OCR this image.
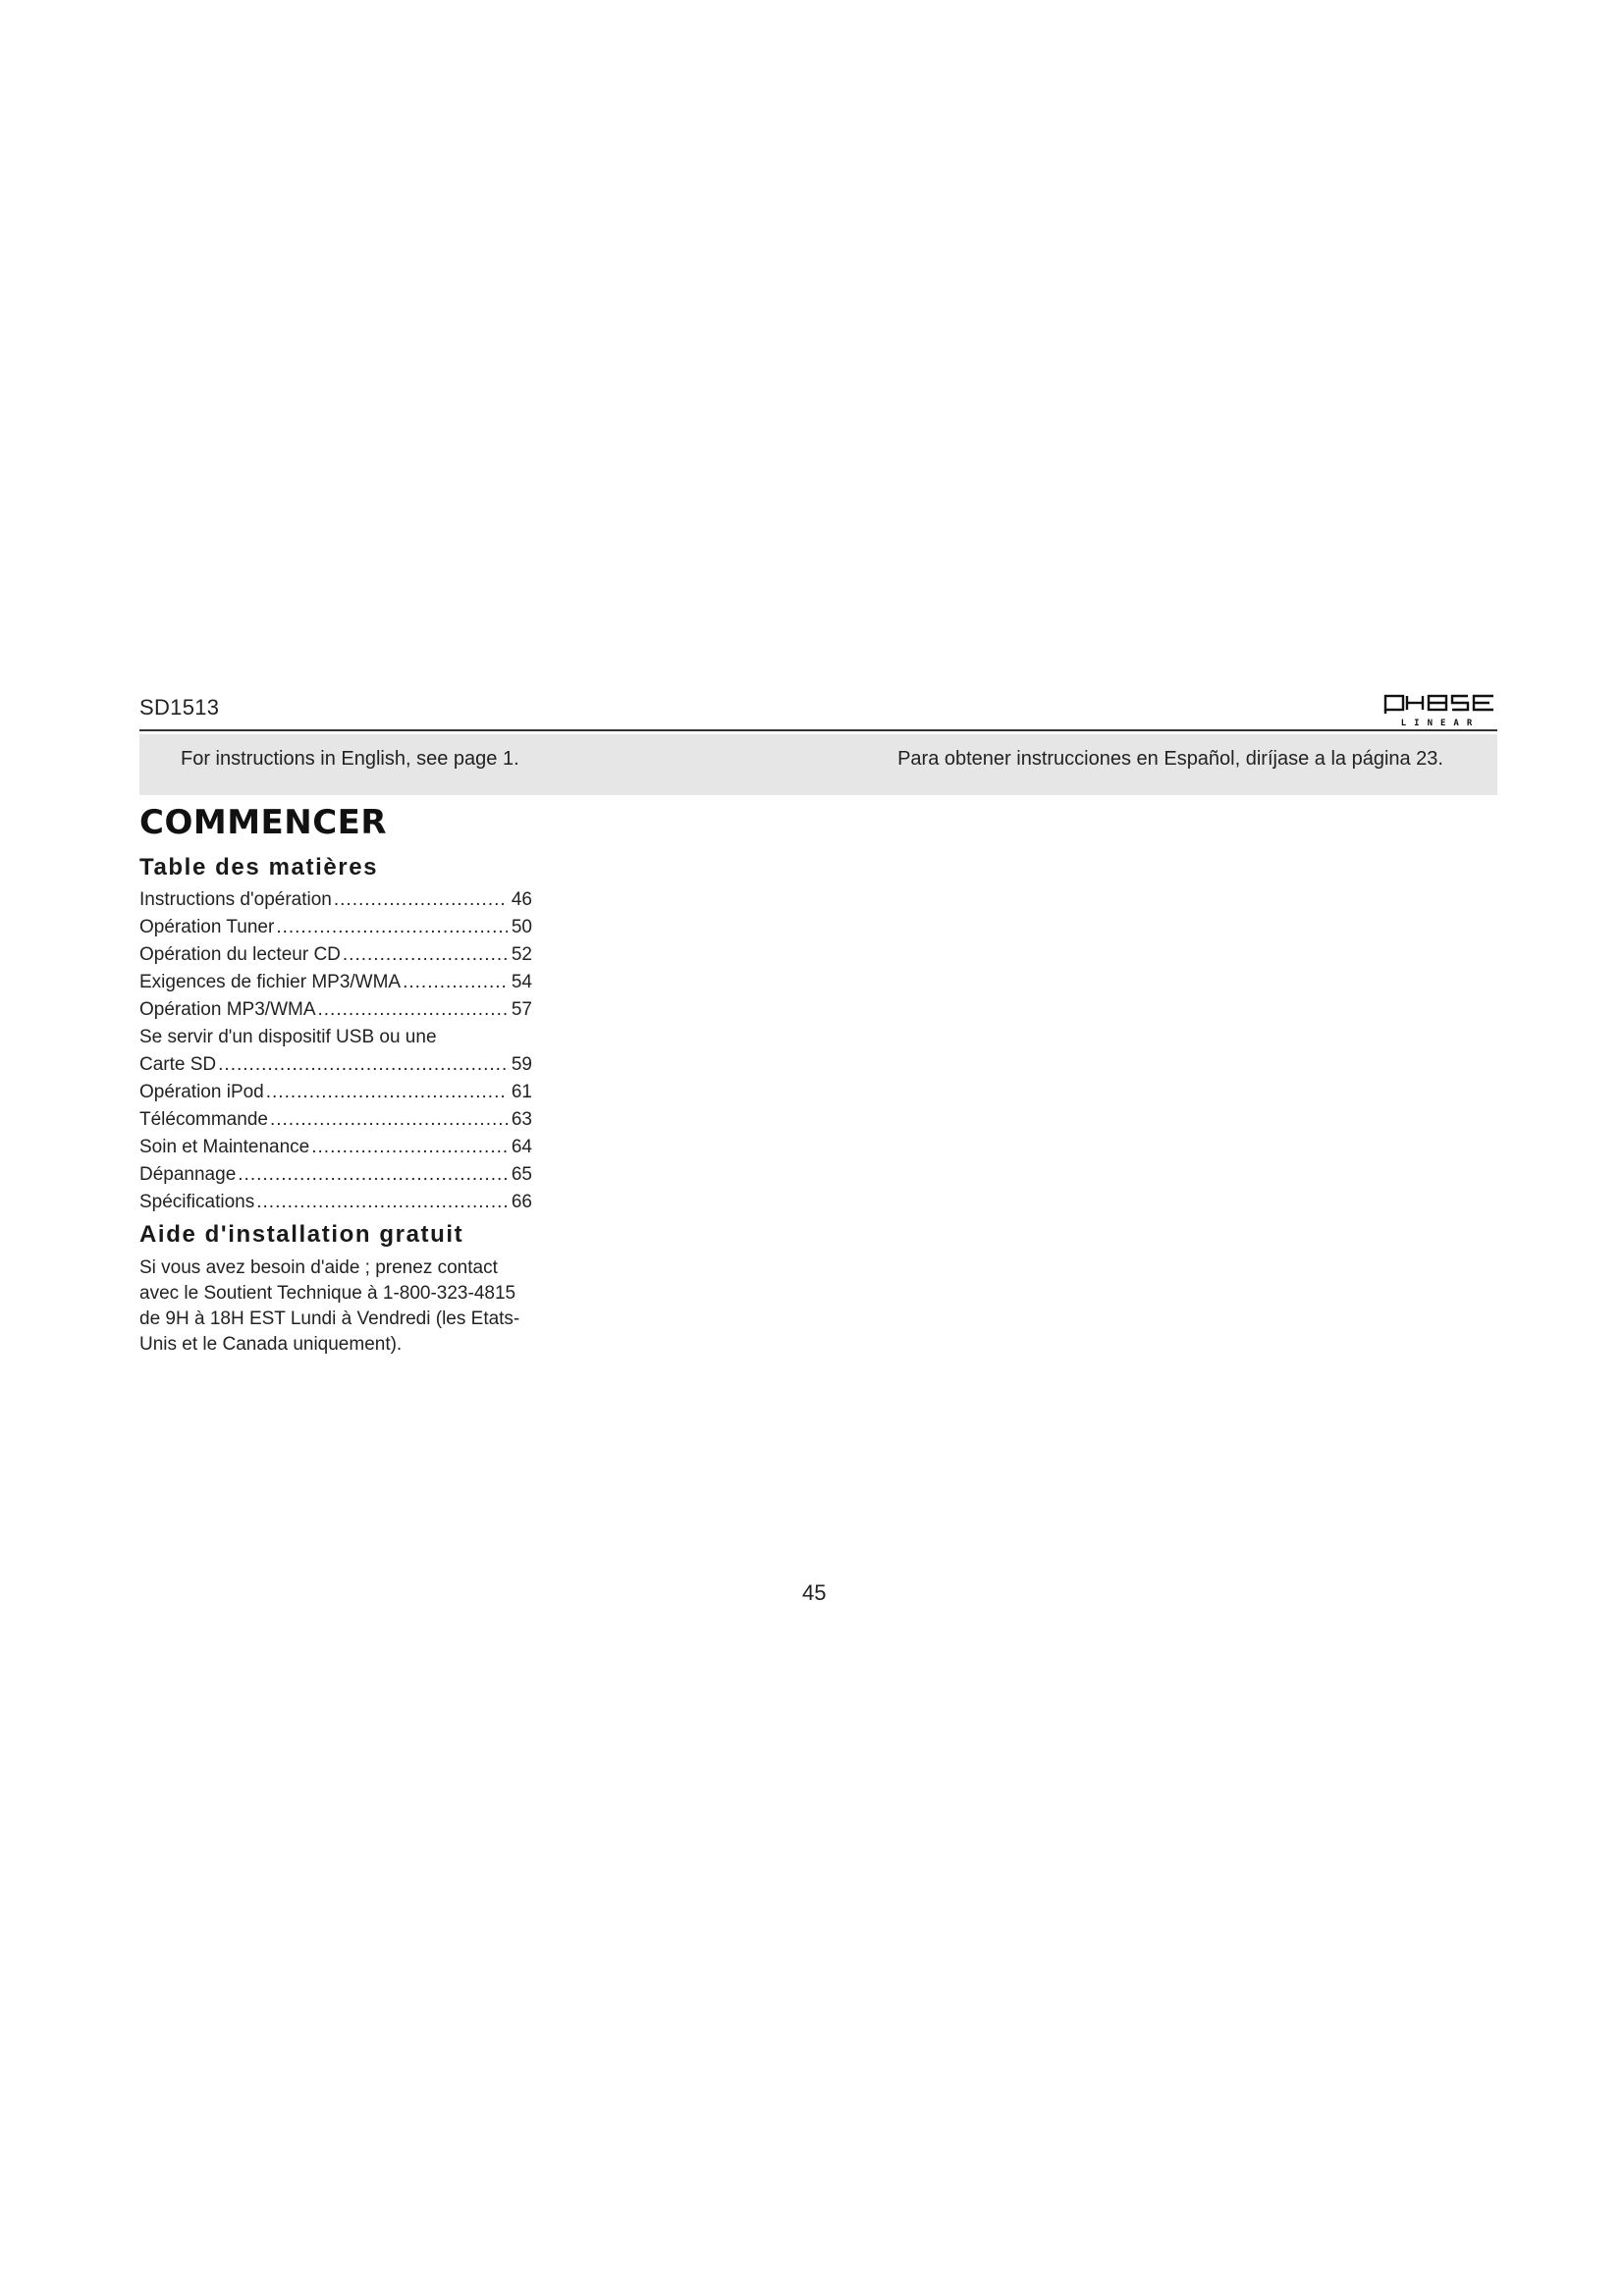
SD1513
LINEAR
For instructions in English, see page 1.	Para obtener instrucciones en Español, diríjase a la página 23.
COMMENCER
Table des matières
Instructions d'opération .....	46
Opération Tuner .....	50
Opération du lecteur CD .....	52
Exigences de fichier MP3/WMA .....	54
Opération MP3/WMA .....	57
Se servir d'un dispositif USB ou une
Carte SD .....	59
Opération iPod .....	61
Télécommande .....	63
Soin et Maintenance .....	64
Dépannage .....	65
Spécifications .....	66
Aide d'installation gratuit
Si vous avez besoin d'aide ; prenez contact
avec le Soutient Technique à 1-800-323-4815
de 9H à 18H EST Lundi à Vendredi (les Etats-
Unis et le Canada uniquement).
45
